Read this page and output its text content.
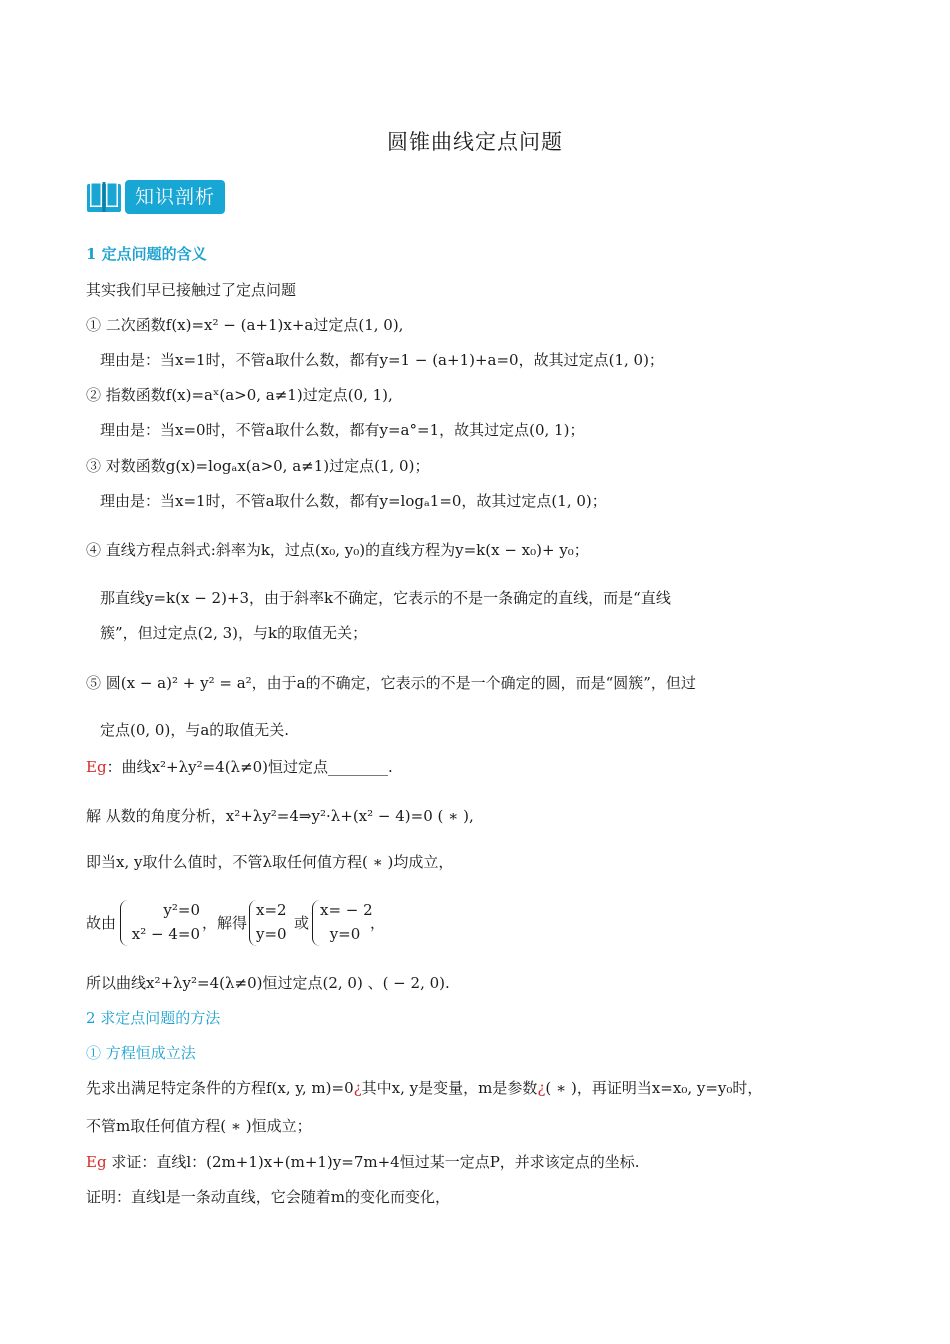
圆锥曲线定点问题
知识剖析
1 定点问题的含义
其实我们早已接触过了定点问题
① 二次函数f(x)=x² − (a+1)x+a过定点(1, 0),
理由是：当x=1时，不管a取什么数，都有y=1 − (a+1)+a=0，故其过定点(1, 0)；
② 指数函数f(x)=aˣ(a>0, a≠1)过定点(0, 1),
理由是：当x=0时，不管a取什么数，都有y=a°=1，故其过定点(0, 1)；
③ 对数函数g(x)=logₐx(a>0, a≠1)过定点(1, 0)；
理由是：当x=1时，不管a取什么数，都有y=logₐ1=0，故其过定点(1, 0)；
④ 直线方程点斜式:斜率为k，过点(x₀, y₀)的直线方程为y=k(x − x₀)+ y₀；
那直线y=k(x − 2)+3，由于斜率k不确定，它表示的不是一条确定的直线，而是“直线
簇”，但过定点(2, 3)，与k的取值无关；
⑤ 圆(x − a)² + y² = a²，由于a的不确定，它表示的不是一个确定的圆，而是“圆簇”，但过
定点(0, 0)，与a的取值无关.
Eg：曲线x²+λy²=4(λ≠0)恒过定点________.
解 从数的角度分析，x²+λy²=4⇒y²·λ+(x² − 4)=0 ( ∗ ),
即当x, y取什么值时，不管λ取任何值方程( ∗ )均成立，
故由
y²=0
x² − 4=0
，解得
x=2
y=0
或
x= − 2
y=0
，
所以曲线x²+λy²=4(λ≠0)恒过定点(2, 0) 、( − 2, 0).
2 求定点问题的方法
① 方程恒成立法
先求出满足特定条件的方程f(x, y, m)=0¿其中x, y是变量，m是参数¿( ∗ )，再证明当x=x₀, y=y₀时，
不管m取任何值方程( ∗ )恒成立；
Eg 求证：直线l：(2m+1)x+(m+1)y=7m+4恒过某一定点P，并求该定点的坐标.
证明：直线l是一条动直线，它会随着m的变化而变化，
